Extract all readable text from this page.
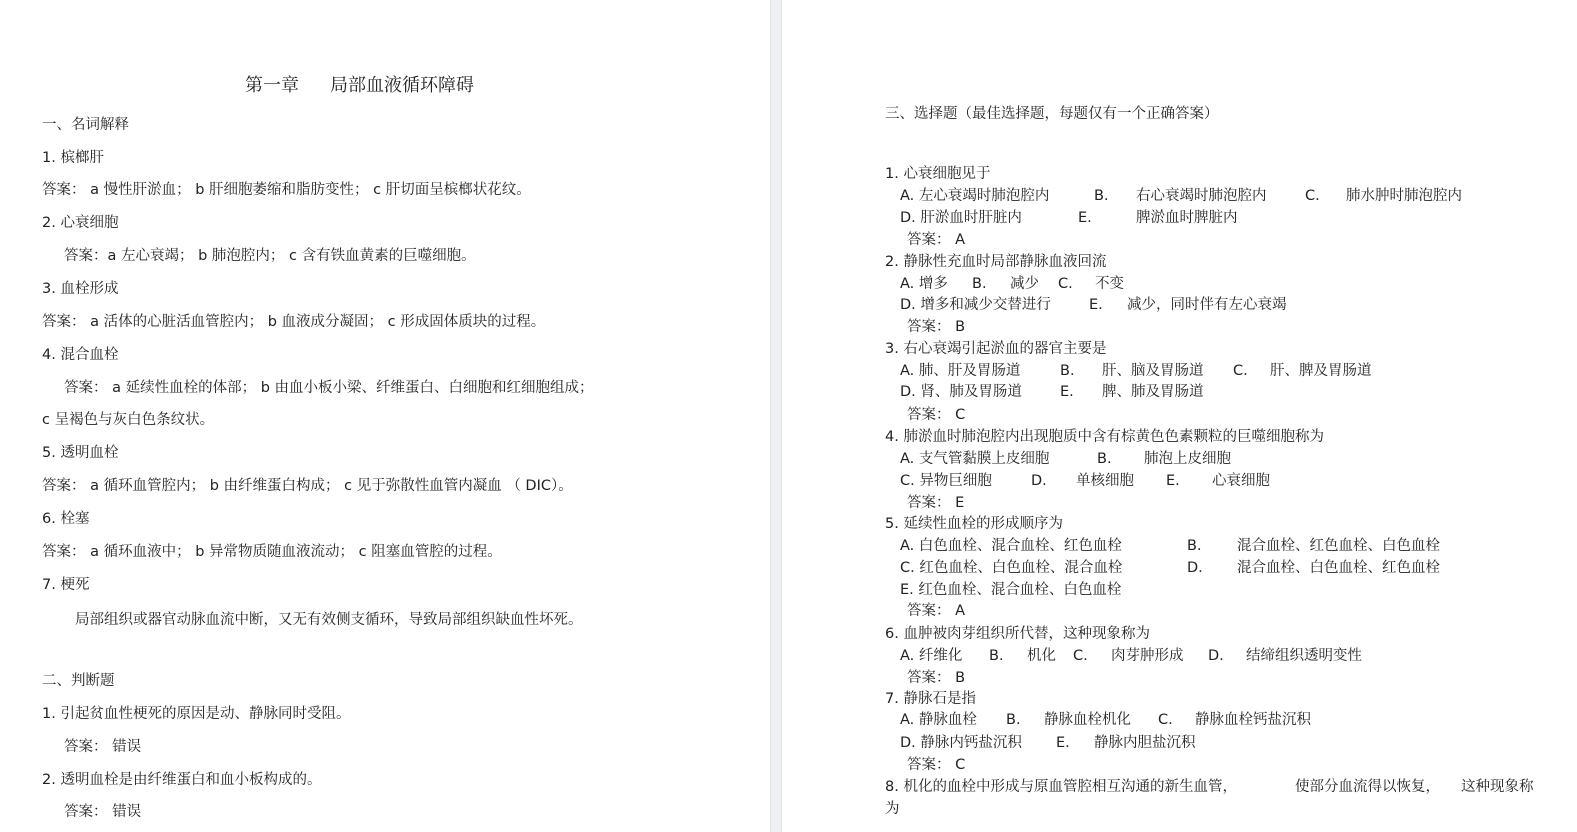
第一章 局部血液循环障碍
一、名词解释
1. 槟榔肝
答案： a 慢性肝淤血； b 肝细胞萎缩和脂肪变性； c 肝切面呈槟榔状花纹。
2. 心衰细胞
答案：a 左心衰竭； b 肺泡腔内； c 含有铁血黄素的巨噬细胞。
3. 血栓形成
答案： a 活体的心脏活血管腔内； b 血液成分凝固； c 形成固体质块的过程。
4. 混合血栓
答案： a 延续性血栓的体部； b 由血小板小梁、纤维蛋白、白细胞和红细胞组成；
c 呈褐色与灰白色条纹状。
5. 透明血栓
答案： a 循环血管腔内； b 由纤维蛋白构成； c 见于弥散性血管内凝血 （ DIC）。
6. 栓塞
答案： a 循环血液中； b 异常物质随血液流动； c 阻塞血管腔的过程。
7. 梗死
局部组织或器官动脉血流中断，又无有效侧支循环，导致局部组织缺血性坏死。
二、判断题
1. 引起贫血性梗死的原因是动、静脉同时受阻。
答案： 错误
2. 透明血栓是由纤维蛋白和血小板构成的。
答案： 错误
三、选择题（最佳选择题，每题仅有一个正确答案）
1. 心衰细胞见于
A. 左心衰竭时肺泡腔内	B. 右心衰竭时肺泡腔内	C. 肺水肿时肺泡腔内
D. 肝淤血时肝脏内	E.	脾淤血时脾脏内
答案： A
2. 静脉性充血时局部静脉血液回流
A. 增多 B. 减少 C. 不变
D. 增多和减少交替进行	E. 减少，同时伴有左心衰竭
答案： B
3. 右心衰竭引起淤血的器官主要是
A. 肺、肝及胃肠道	B. 肝、脑及胃肠道 C. 肝、脾及胃肠道
D. 肾、肺及胃肠道	E. 脾、肺及胃肠道
答案： C
4. 肺淤血时肺泡腔内出现胞质中含有棕黄色色素颗粒的巨噬细胞称为
A. 支气管黏膜上皮细胞	B. 肺泡上皮细胞
C. 异物巨细胞	D. 单核细胞 E. 心衰细胞
答案： E
5. 延续性血栓的形成顺序为
A. 白色血栓、混合血栓、红色血栓	B. 混合血栓、红色血栓、白色血栓
C. 红色血栓、白色血栓、混合血栓	D. 混合血栓、白色血栓、红色血栓
E. 红色血栓、混合血栓、白色血栓
答案： A
6. 血肿被肉芽组织所代替，这种现象称为
A. 纤维化 B. 机化 C. 肉芽肿形成 D. 结缔组织透明变性
答案： B
7. 静脉石是指
A. 静脉血栓 B. 静脉血栓机化 C. 静脉血栓钙盐沉积
D. 静脉内钙盐沉积 E. 静脉内胆盐沉积
答案： C
8. 机化的血栓中形成与原血管腔相互沟通的新生血管，	使部分血流得以恢复， 这种现象称
为
